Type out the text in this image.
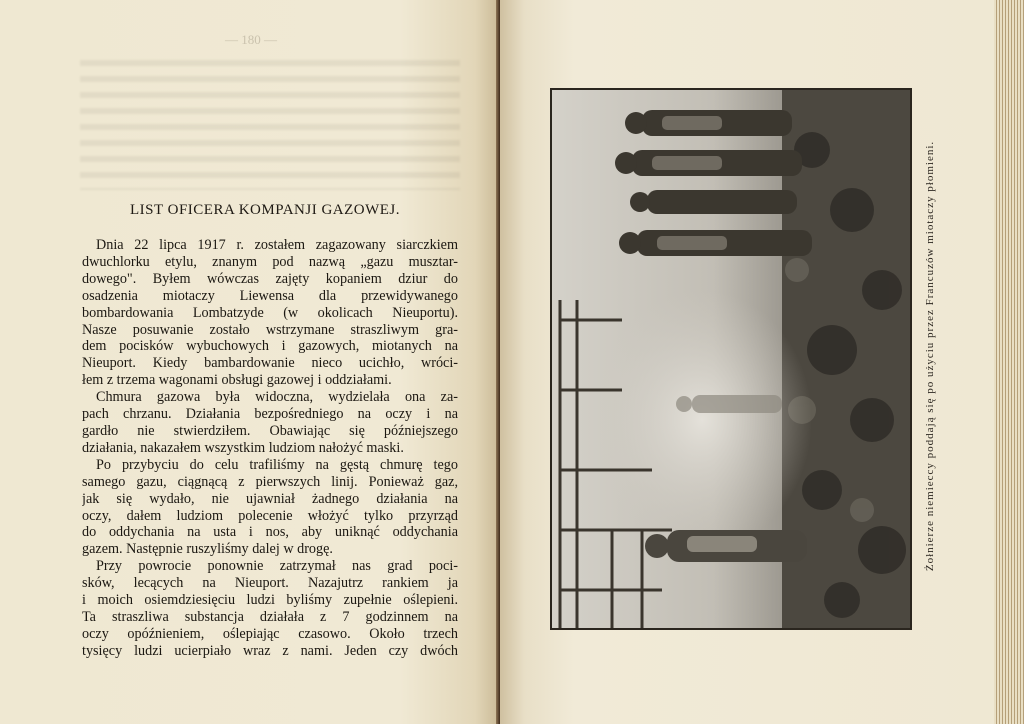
— 180 —
LIST OFICERA KOMPANJI GAZOWEJ.
Dnia 22 lipca 1917 r. zostałem zagazowany siarczkiem
dwuchlorku etylu, znanym pod nazwą „gazu musztar-
dowego". Byłem wówczas zajęty kopaniem dziur do
osadzenia miotaczy Liewensa dla przewidywanego
bombardowania Lombatzyde (w okolicach Nieuportu).
Nasze posuwanie zostało wstrzymane straszliwym gra-
dem pocisków wybuchowych i gazowych, miotanych na
Nieuport. Kiedy bambardowanie nieco ucichło, wróci-
łem z trzema wagonami obsługi gazowej i oddziałami.
Chmura gazowa była widoczna, wydzielała ona za-
pach chrzanu. Działania bezpośredniego na oczy i na
gardło nie stwierdziłem. Obawiając się późniejszego
działania, nakazałem wszystkim ludziom nałożyć maski.
Po przybyciu do celu trafiliśmy na gęstą chmurę tego
samego gazu, ciągnącą z pierwszych linij. Ponieważ gaz,
jak się wydało, nie ujawniał żadnego działania na
oczy, dałem ludziom polecenie włożyć tylko przyrząd
do oddychania na usta i nos, aby uniknąć oddychania
gazem. Następnie ruszyliśmy dalej w drogę.
Przy powrocie ponownie zatrzymał nas grad poci-
sków, lecących na Nieuport. Nazajutrz rankiem ja
i moich osiemdziesięciu ludzi byliśmy zupełnie oślepieni.
Ta straszliwa substancja działała z 7 godzinnem na
oczy opóźnieniem, oślepiając czasowo. Około trzech
tysięcy ludzi ucierpiało wraz z nami. Jeden czy dwóch
Żołnierze niemieccy poddają się po użyciu przez Francuzów miotaczy płomieni.
